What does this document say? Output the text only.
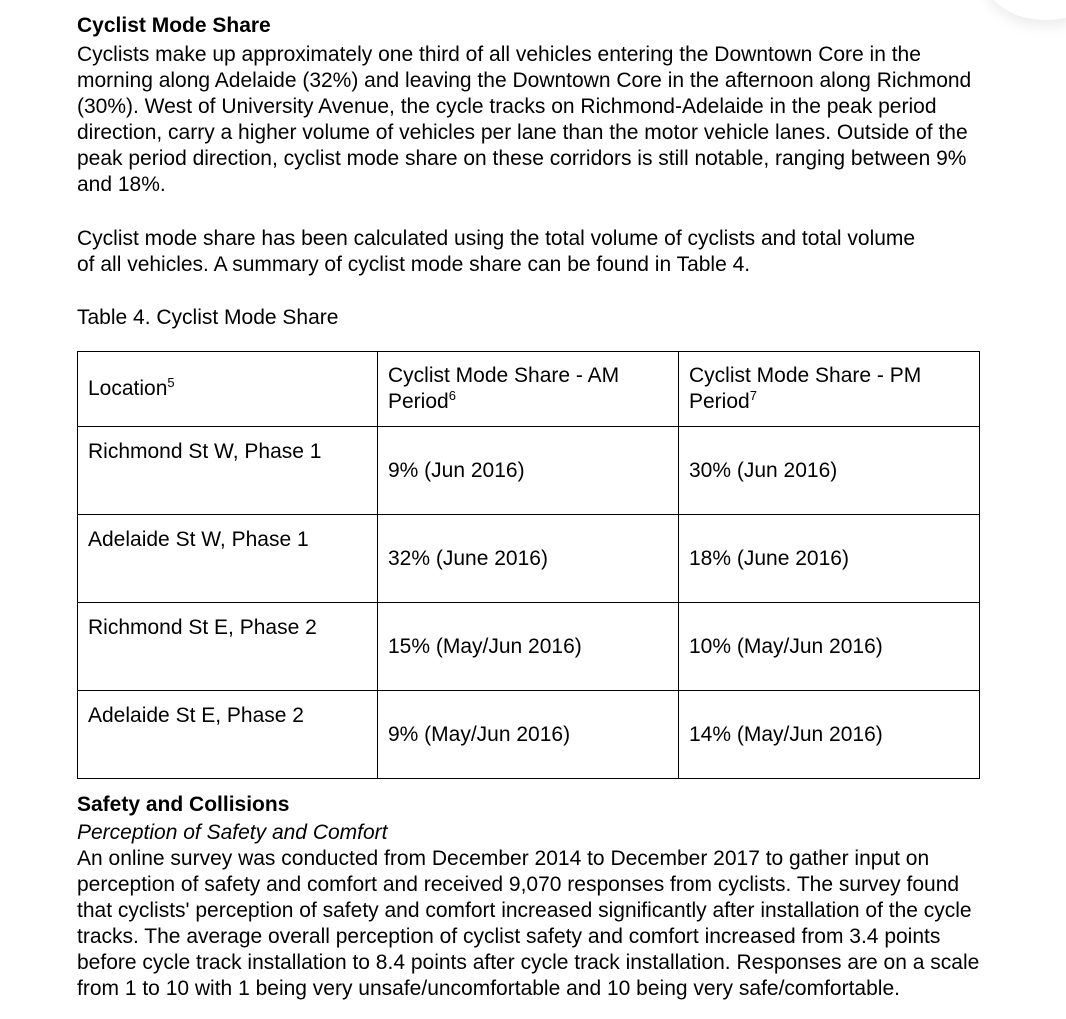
Cyclist Mode Share

Cyclists make up approximately one third of all vehicles entering the Downtown Core in the morning along Adelaide (32%) and leaving the Downtown Core in the afternoon along Richmond (30%). West of University Avenue, the cycle tracks on Richmond-Adelaide in the peak period direction, carry a higher volume of vehicles per lane than the motor vehicle lanes. Outside of the peak period direction, cyclist mode share on these corridors is still notable, ranging between 9% and 18%.

Cyclist mode share has been calculated using the total volume of cyclists and total volume of all vehicles. A summary of cyclist mode share can be found in Table 4.

Table 4. Cyclist Mode Share
Location$^5$	Cyclist Mode Share - AM Period$^6$	Cyclist Mode Share - PM Period$^7$
Richmond St W, Phase 1	9% (Jun 2016)	30% (Jun 2016)
Adelaide St W, Phase 1	32% (June 2016)	18% (June 2016)
Richmond St E, Phase 2	15% (May/Jun 2016)	10% (May/Jun 2016)
Adelaide St E, Phase 2	9% (May/Jun 2016)	14% (May/Jun 2016)
Safety and Collisions
Perception of Safety and Comfort

An online survey was conducted from December 2014 to December 2017 to gather input on perception of safety and comfort and received 9,070 responses from cyclists. The survey found that cyclists' perception of safety and comfort increased significantly after installation of the cycle tracks. The average overall perception of cyclist safety and comfort increased from 3.4 points before cycle track installation to 8.4 points after cycle track installation. Responses are on a scale from 1 to 10 with 1 being very unsafe/uncomfortable and 10 being very safe/comfortable.
